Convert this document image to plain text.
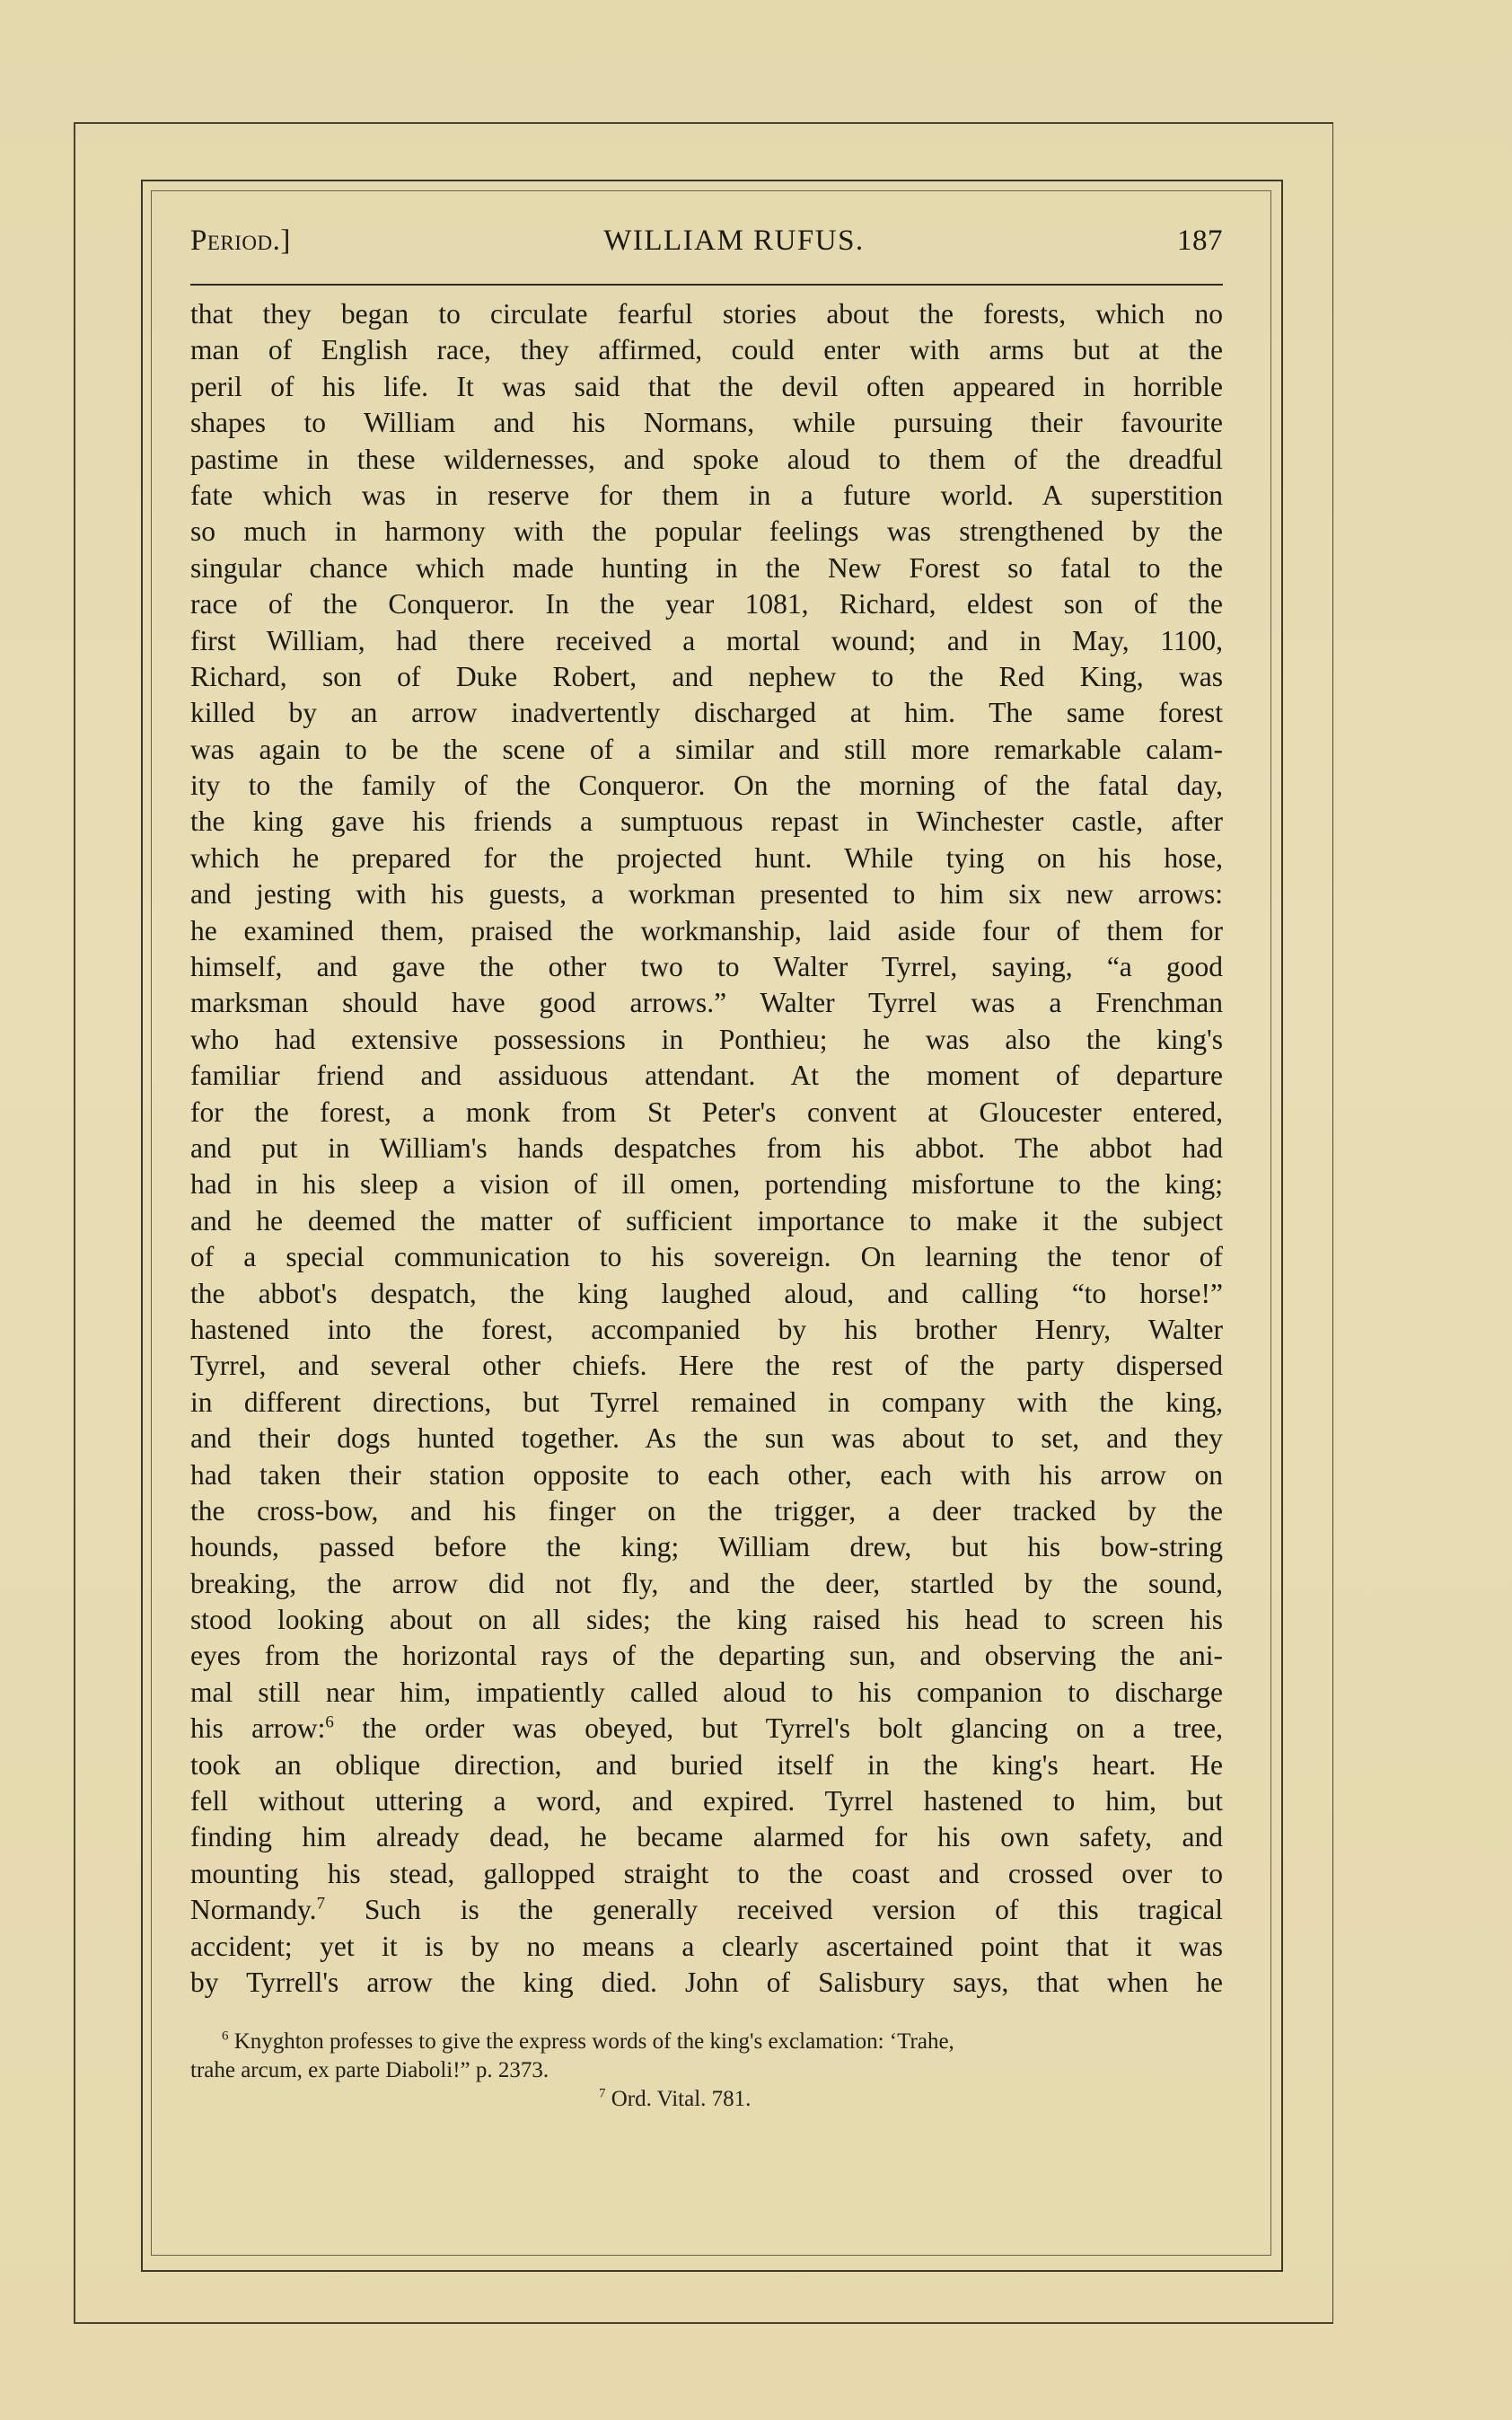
Period.]	WILLIAM RUFUS.	187
that they began to circulate fearful stories about the forests, which no
man of English race, they affirmed, could enter with arms but at the
peril of his life. It was said that the devil often appeared in horrible
shapes to William and his Normans, while pursuing their favourite
pastime in these wildernesses, and spoke aloud to them of the dreadful
fate which was in reserve for them in a future world. A superstition
so much in harmony with the popular feelings was strengthened by the
singular chance which made hunting in the New Forest so fatal to the
race of the Conqueror. In the year 1081, Richard, eldest son of the
first William, had there received a mortal wound; and in May, 1100,
Richard, son of Duke Robert, and nephew to the Red King, was
killed by an arrow inadvertently discharged at him. The same forest
was again to be the scene of a similar and still more remarkable calam-
ity to the family of the Conqueror. On the morning of the fatal day,
the king gave his friends a sumptuous repast in Winchester castle, after
which he prepared for the projected hunt. While tying on his hose,
and jesting with his guests, a workman presented to him six new arrows:
he examined them, praised the workmanship, laid aside four of them for
himself, and gave the other two to Walter Tyrrel, saying, “a good
marksman should have good arrows.” Walter Tyrrel was a Frenchman
who had extensive possessions in Ponthieu; he was also the king's
familiar friend and assiduous attendant. At the moment of departure
for the forest, a monk from St Peter's convent at Gloucester entered,
and put in William's hands despatches from his abbot. The abbot had
had in his sleep a vision of ill omen, portending misfortune to the king;
and he deemed the matter of sufficient importance to make it the subject
of a special communication to his sovereign. On learning the tenor of
the abbot's despatch, the king laughed aloud, and calling “to horse!”
hastened into the forest, accompanied by his brother Henry, Walter
Tyrrel, and several other chiefs. Here the rest of the party dispersed
in different directions, but Tyrrel remained in company with the king,
and their dogs hunted together. As the sun was about to set, and they
had taken their station opposite to each other, each with his arrow on
the cross-bow, and his finger on the trigger, a deer tracked by the
hounds, passed before the king; William drew, but his bow-string
breaking, the arrow did not fly, and the deer, startled by the sound,
stood looking about on all sides; the king raised his head to screen his
eyes from the horizontal rays of the departing sun, and observing the ani-
mal still near him, impatiently called aloud to his companion to discharge
his arrow:$^6$ the order was obeyed, but Tyrrel's bolt glancing on a tree,
took an oblique direction, and buried itself in the king's heart. He
fell without uttering a word, and expired. Tyrrel hastened to him, but
finding him already dead, he became alarmed for his own safety, and
mounting his stead, gallopped straight to the coast and crossed over to
Normandy.$^7$ Such is the generally received version of this tragical
accident; yet it is by no means a clearly ascertained point that it was
by Tyrrell's arrow the king died. John of Salisbury says, that when he
$^6$ Knyghton professes to give the express words of the king's exclamation: ‘Trahe,
trahe arcum, ex parte Diaboli!” p. 2373.
$^7$ Ord. Vital. 781.
